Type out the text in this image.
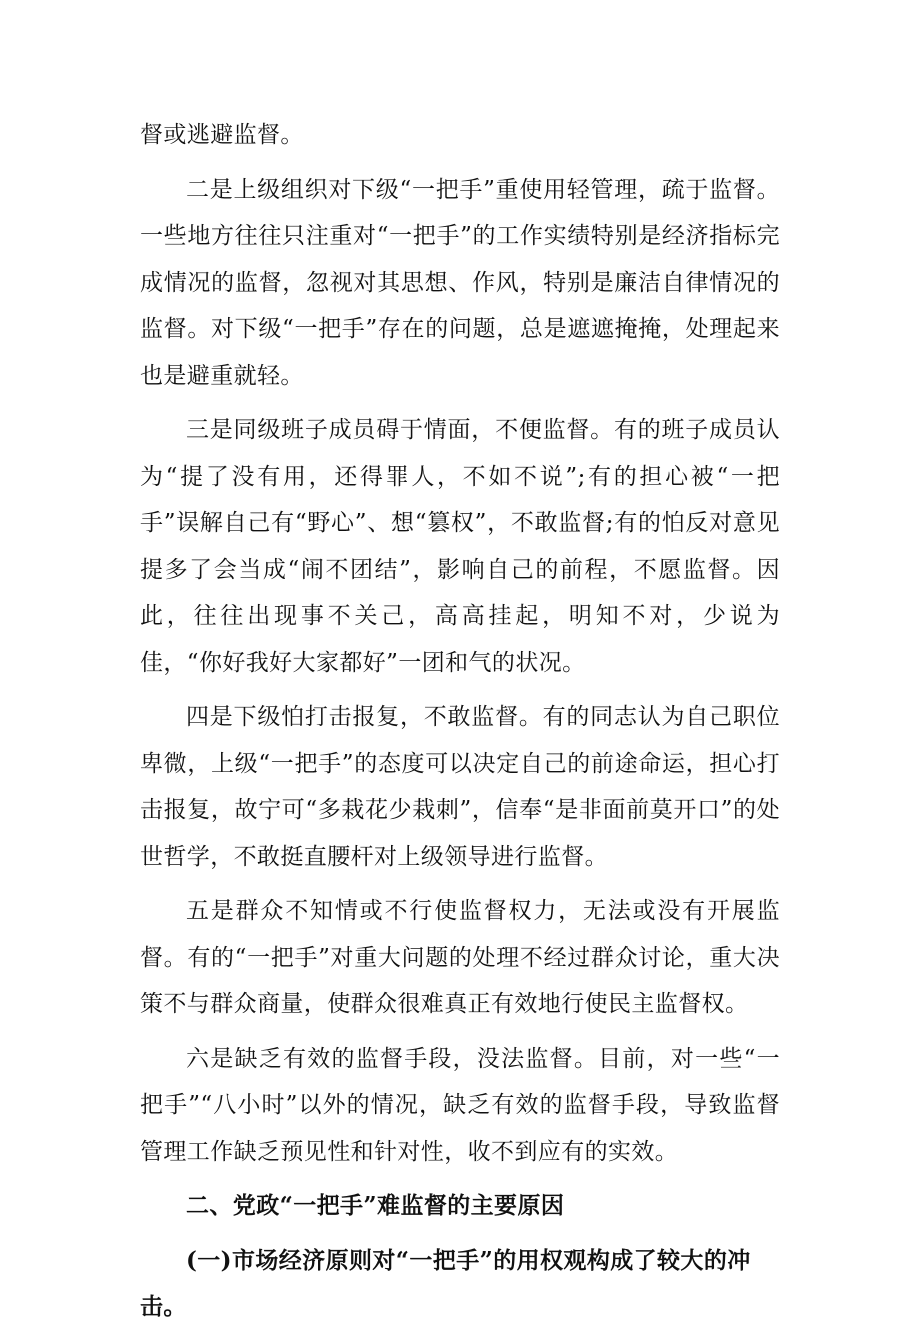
督或逃避监督。

二是上级组织对下级“一把手”重使用轻管理，疏于监督。一些地方往往只注重对“一把手”的工作实绩特别是经济指标完成情况的监督，忽视对其思想、作风，特别是廉洁自律情况的监督。对下级“一把手”存在的问题，总是遮遮掩掩，处理起来也是避重就轻。

三是同级班子成员碍于情面，不便监督。有的班子成员认为“提了没有用，还得罪人，不如不说”;有的担心被“一把手”误解自己有“野心”、想“篡权”，不敢监督;有的怕反对意见提多了会当成“闹不团结”，影响自己的前程，不愿监督。因此，往往出现事不关己，高高挂起，明知不对，少说为佳，“你好我好大家都好”一团和气的状况。

四是下级怕打击报复，不敢监督。有的同志认为自己职位卑微，上级“一把手”的态度可以决定自己的前途命运，担心打击报复，故宁可“多栽花少栽刺”，信奉“是非面前莫开口”的处世哲学，不敢挺直腰杆对上级领导进行监督。

五是群众不知情或不行使监督权力，无法或没有开展监督。有的“一把手”对重大问题的处理不经过群众讨论，重大决策不与群众商量，使群众很难真正有效地行使民主监督权。

六是缺乏有效的监督手段，没法监督。目前，对一些“一把手”“八小时”以外的情况，缺乏有效的监督手段，导致监督管理工作缺乏预见性和针对性，收不到应有的实效。

二、党政“一把手”难监督的主要原因

(一)市场经济原则对“一把手”的用权观构成了较大的冲击。
